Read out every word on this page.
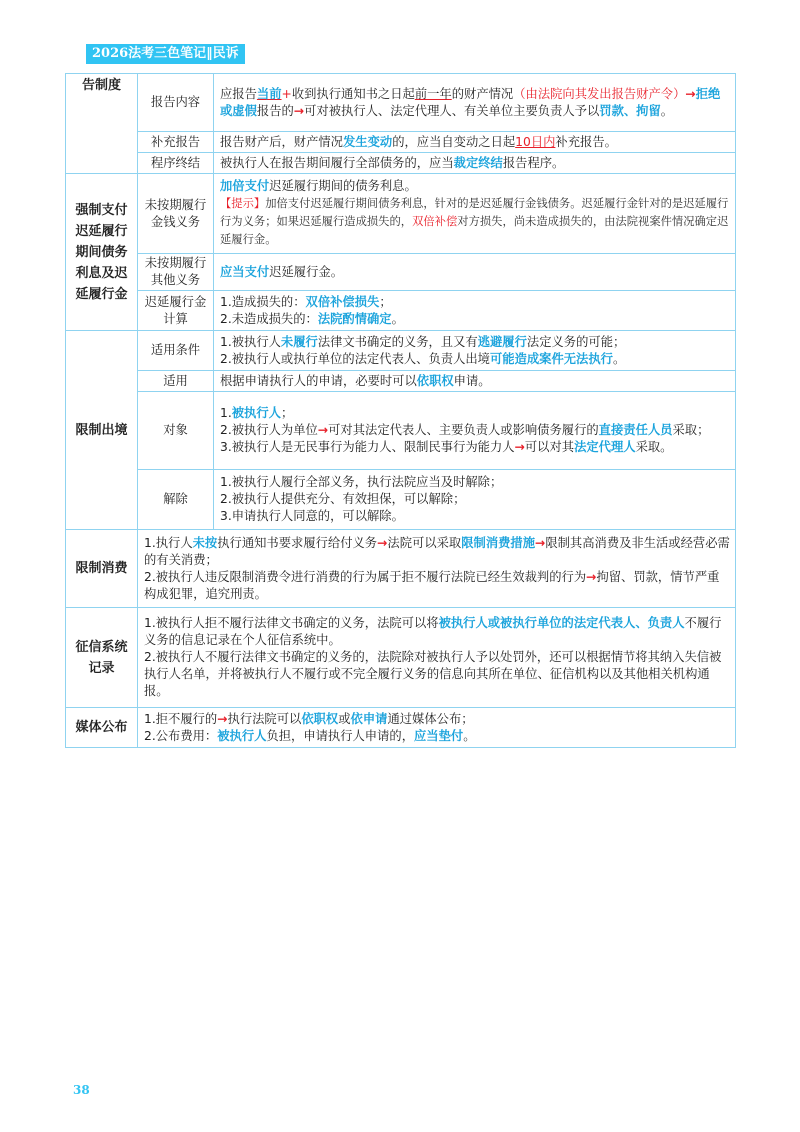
2026法考三色笔记‖民诉
告制度	报告内容	应报告当前+收到执行通知书之日起前一年的财产情况（由法院向其发出报告财产令）→拒绝或虚假报告的→可对被执行人、法定代理人、有关单位主要负责人予以罚款、拘留。
	补充报告	报告财产后，财产情况发生变动的，应当自变动之日起10日内补充报告。
	程序终结	被执行人在报告期间履行全部债务的，应当裁定终结报告程序。
强制支付迟延履行期间债务利息及迟延履行金	未按期履行金钱义务	加倍支付迟延履行期间的债务利息。
【提示】加倍支付迟延履行期间债务利息，针对的是迟延履行金钱债务。迟延履行金针对的是迟延履行行为义务；如果迟延履行造成损失的，双倍补偿对方损失，尚未造成损失的，由法院视案件情况确定迟延履行金。

	未按期履行其他义务	应当支付迟延履行金。
	迟延履行金计算	1.造成损失的：双倍补偿损失；
2.未造成损失的：法院酌情确定。

限制出境	适用条件	1.被执行人未履行法律文书确定的义务，且又有逃避履行法定义务的可能；
2.被执行人或执行单位的法定代表人、负责人出境可能造成案件无法执行。

	适用	根据申请执行人的申请，必要时可以依职权申请。
	对象	1.被执行人；
2.被执行人为单位→可对其法定代表人、主要负责人或影响债务履行的直接责任人员采取；
3.被执行人是无民事行为能力人、限制民事行为能力人→可以对其法定代理人采取。

	解除	1.被执行人履行全部义务，执行法院应当及时解除；
2.被执行人提供充分、有效担保，可以解除；
3.申请执行人同意的，可以解除。

限制消费	1.执行人未按执行通知书要求履行给付义务→法院可以采取限制消费措施→限制其高消费及非生活或经营必需的有关消费；
2.被执行人违反限制消费令进行消费的行为属于拒不履行法院已经生效裁判的行为→拘留、罚款，情节严重构成犯罪，追究刑责。	

征信系统记录	1.被执行人拒不履行法律文书确定的义务，法院可以将被执行人或被执行单位的法定代表人、负责人不履行义务的信息记录在个人征信系统中。
2.被执行人不履行法律文书确定的义务的，法院除对被执行人予以处罚外，还可以根据情节将其纳入失信被执行人名单，并将被执行人不履行或不完全履行义务的信息向其所在单位、征信机构以及其他相关机构通报。	

媒体公布	1.拒不履行的→执行法院可以依职权或依申请通过媒体公布；
2.公布费用：被执行人负担，申请执行人申请的，应当垫付。	
38
